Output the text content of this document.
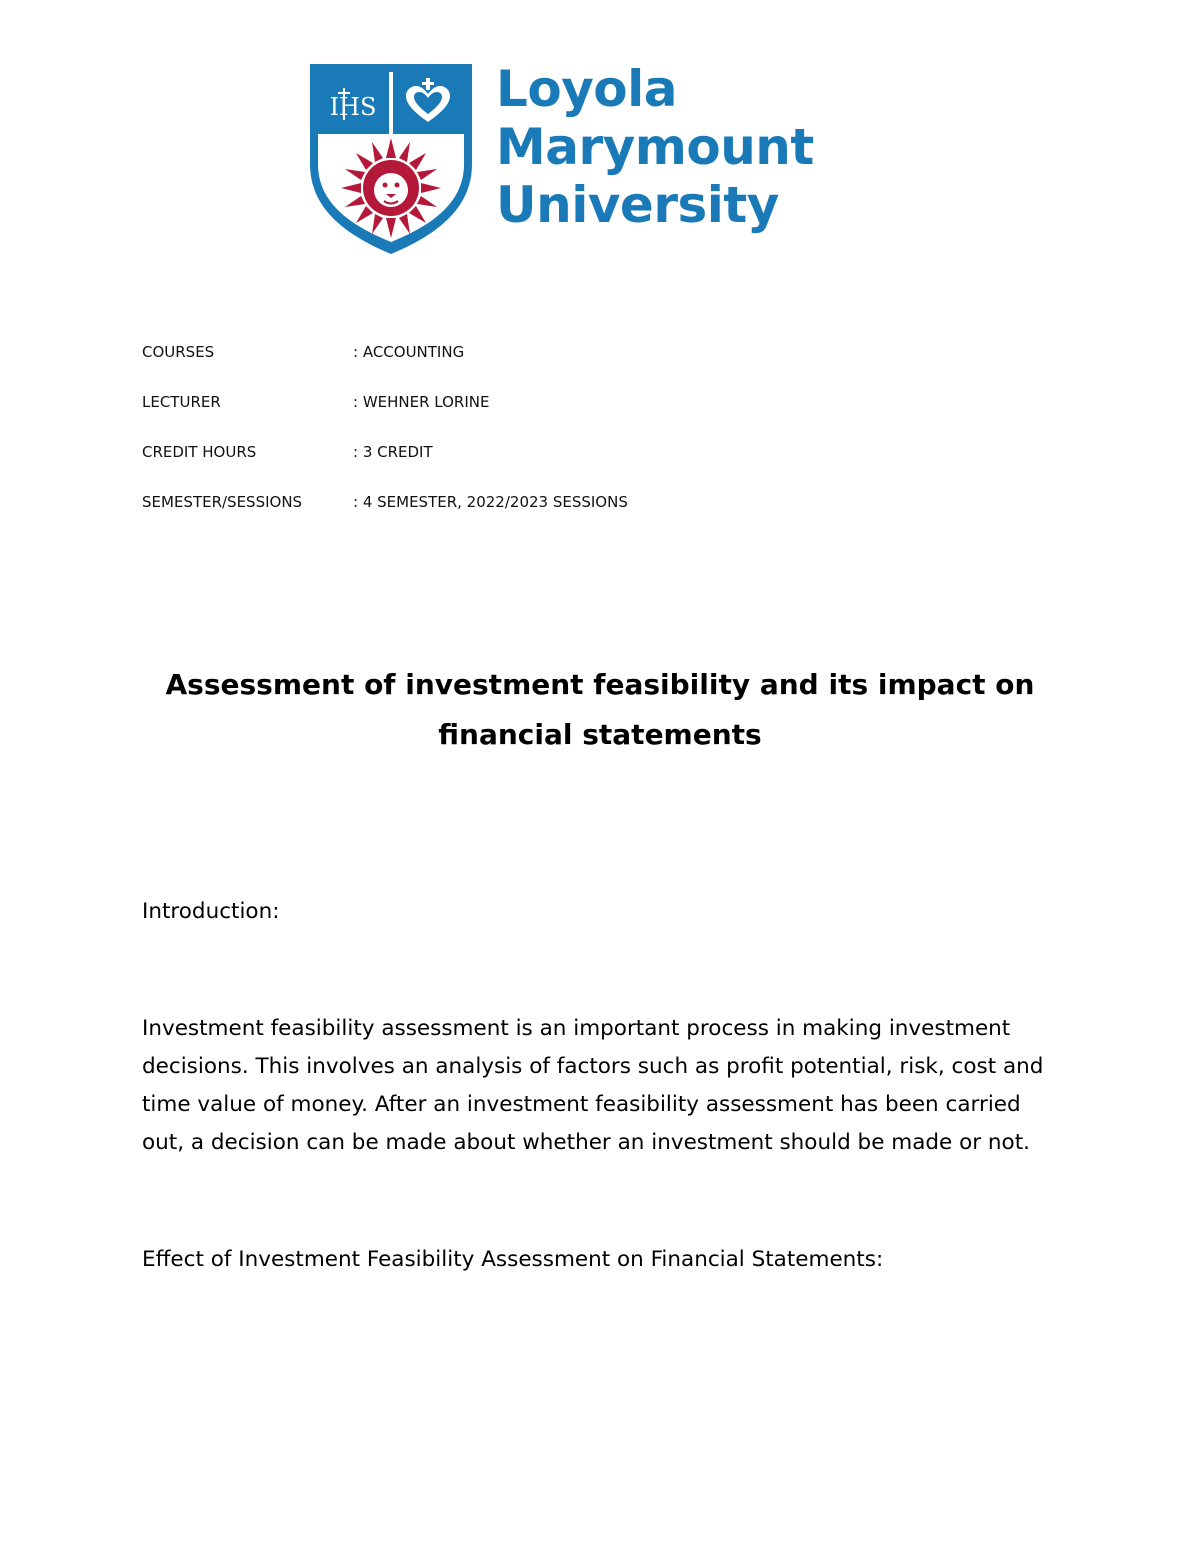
IHS Loyola
Marymount
University
COURSES	: ACCOUNTING
LECTURER	: WEHNER LORINE
CREDIT HOURS	: 3 CREDIT
SEMESTER/SESSIONS	: 4 SEMESTER, 2022/2023 SESSIONS
Assessment of investment feasibility and its impact on
financial statements
Introduction:
Investment feasibility assessment is an important process in making investment
decisions. This involves an analysis of factors such as profit potential, risk, cost and
time value of money. After an investment feasibility assessment has been carried
out, a decision can be made about whether an investment should be made or not.
Effect of Investment Feasibility Assessment on Financial Statements:
